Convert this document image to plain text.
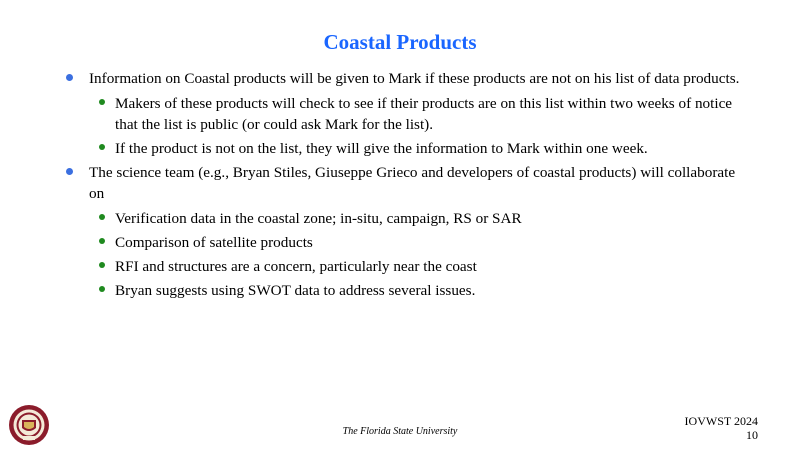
Coastal Products
Information on Coastal products will be given to Mark if these products are not on his list of data products.
Makers of these products will check to see if their products are on this list within two weeks of notice that the list is public (or could ask Mark for the list).
If the product is not on the list, they will give the information to Mark within one week.
The science team (e.g., Bryan Stiles, Giuseppe Grieco and developers of coastal products) will collaborate on
Verification data in the coastal zone; in-situ, campaign, RS or SAR
Comparison of satellite products
RFI and structures are a concern, particularly near the coast
Bryan suggests using SWOT data to address several issues.
The Florida State University
IOVWST 2024
10
